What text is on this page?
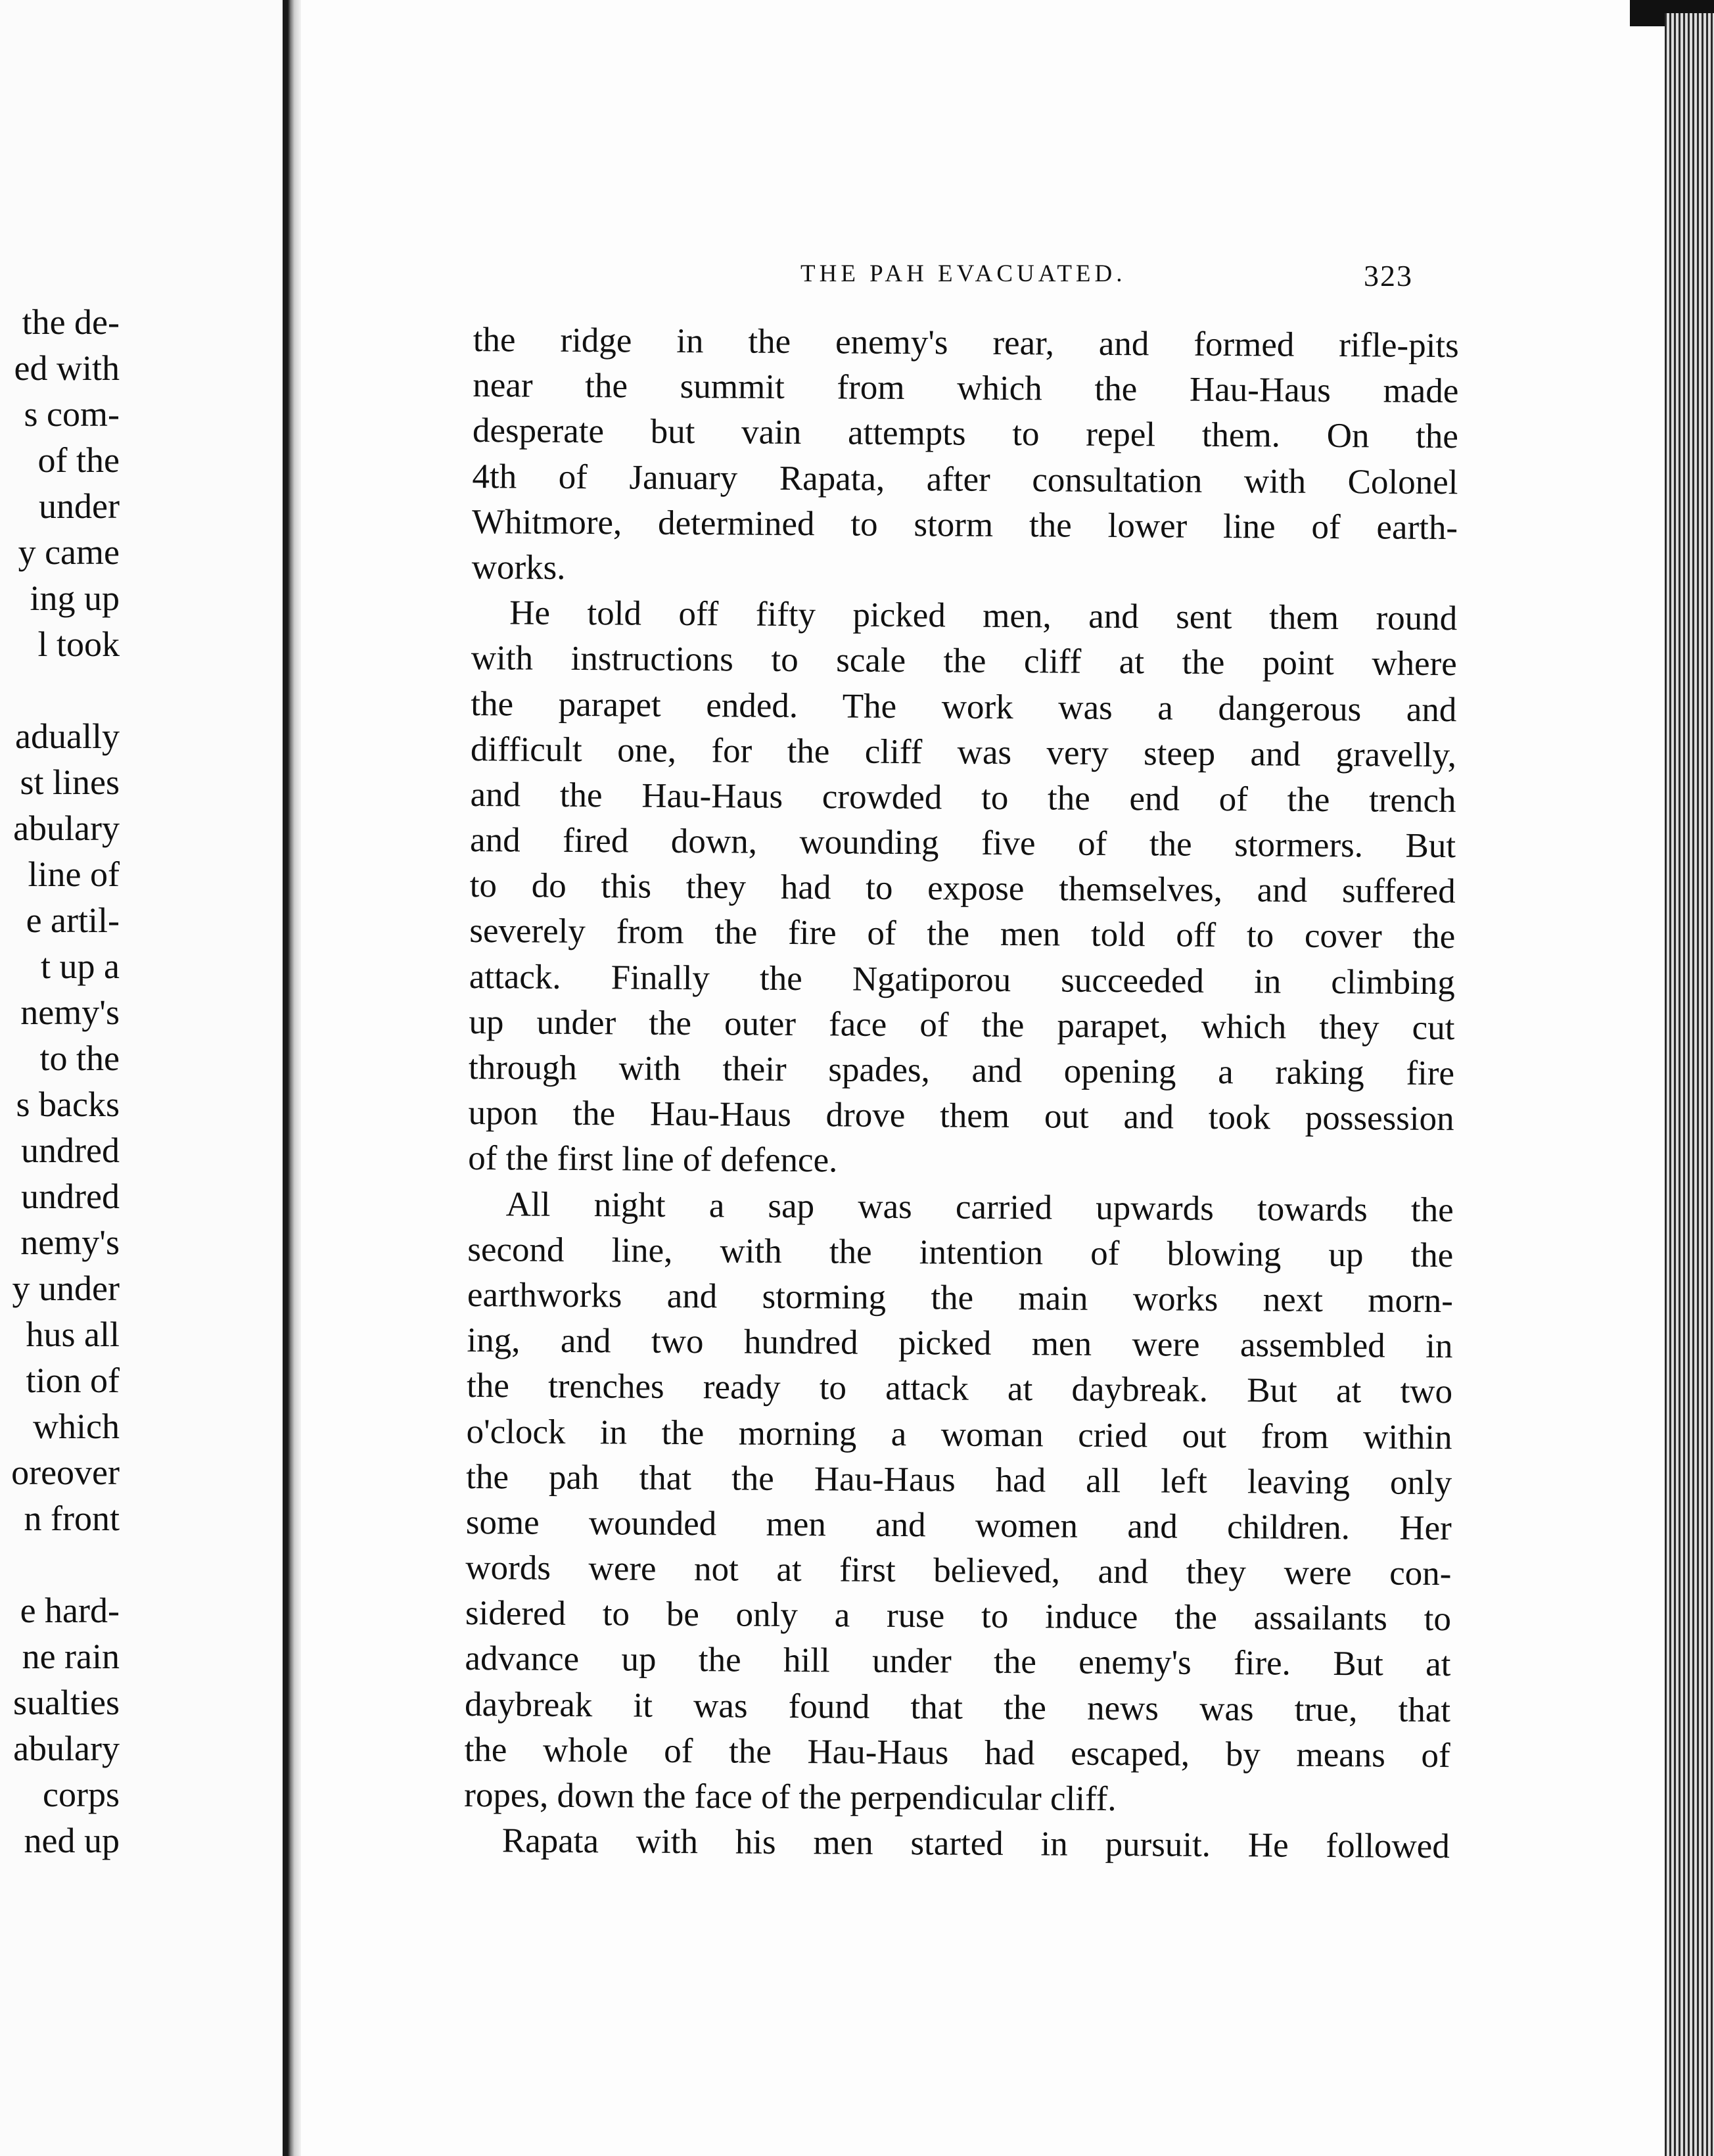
the de-
ed with
s com-
of the
under
y came
ing up
l took
adually
st lines
abulary
line of
e artil-
t up a
nemy's
to the
s backs
undred
undred
nemy's
y under
hus all
tion of
which
oreover
n front
e hard-
ne rain
sualties
abulary
corps
ned up
THE PAH EVACUATED.	323
the ridge in the enemy's rear, and formed rifle-pits
near the summit from which the Hau-Haus made
desperate but vain attempts to repel them. On the
4th of January Rapata, after consultation with Colonel
Whitmore, determined to storm the lower line of earth-
works.
He told off fifty picked men, and sent them round
with instructions to scale the cliff at the point where
the parapet ended. The work was a dangerous and
difficult one, for the cliff was very steep and gravelly,
and the Hau-Haus crowded to the end of the trench
and fired down, wounding five of the stormers. But
to do this they had to expose themselves, and suffered
severely from the fire of the men told off to cover the
attack. Finally the Ngatiporou succeeded in climbing
up under the outer face of the parapet, which they cut
through with their spades, and opening a raking fire
upon the Hau-Haus drove them out and took possession
of the first line of defence.
All night a sap was carried upwards towards the
second line, with the intention of blowing up the
earthworks and storming the main works next morn-
ing, and two hundred picked men were assembled in
the trenches ready to attack at daybreak. But at two
o'clock in the morning a woman cried out from within
the pah that the Hau-Haus had all left leaving only
some wounded men and women and children. Her
words were not at first believed, and they were con-
sidered to be only a ruse to induce the assailants to
advance up the hill under the enemy's fire. But at
daybreak it was found that the news was true, that
the whole of the Hau-Haus had escaped, by means of
ropes, down the face of the perpendicular cliff.
Rapata with his men started in pursuit. He followed
